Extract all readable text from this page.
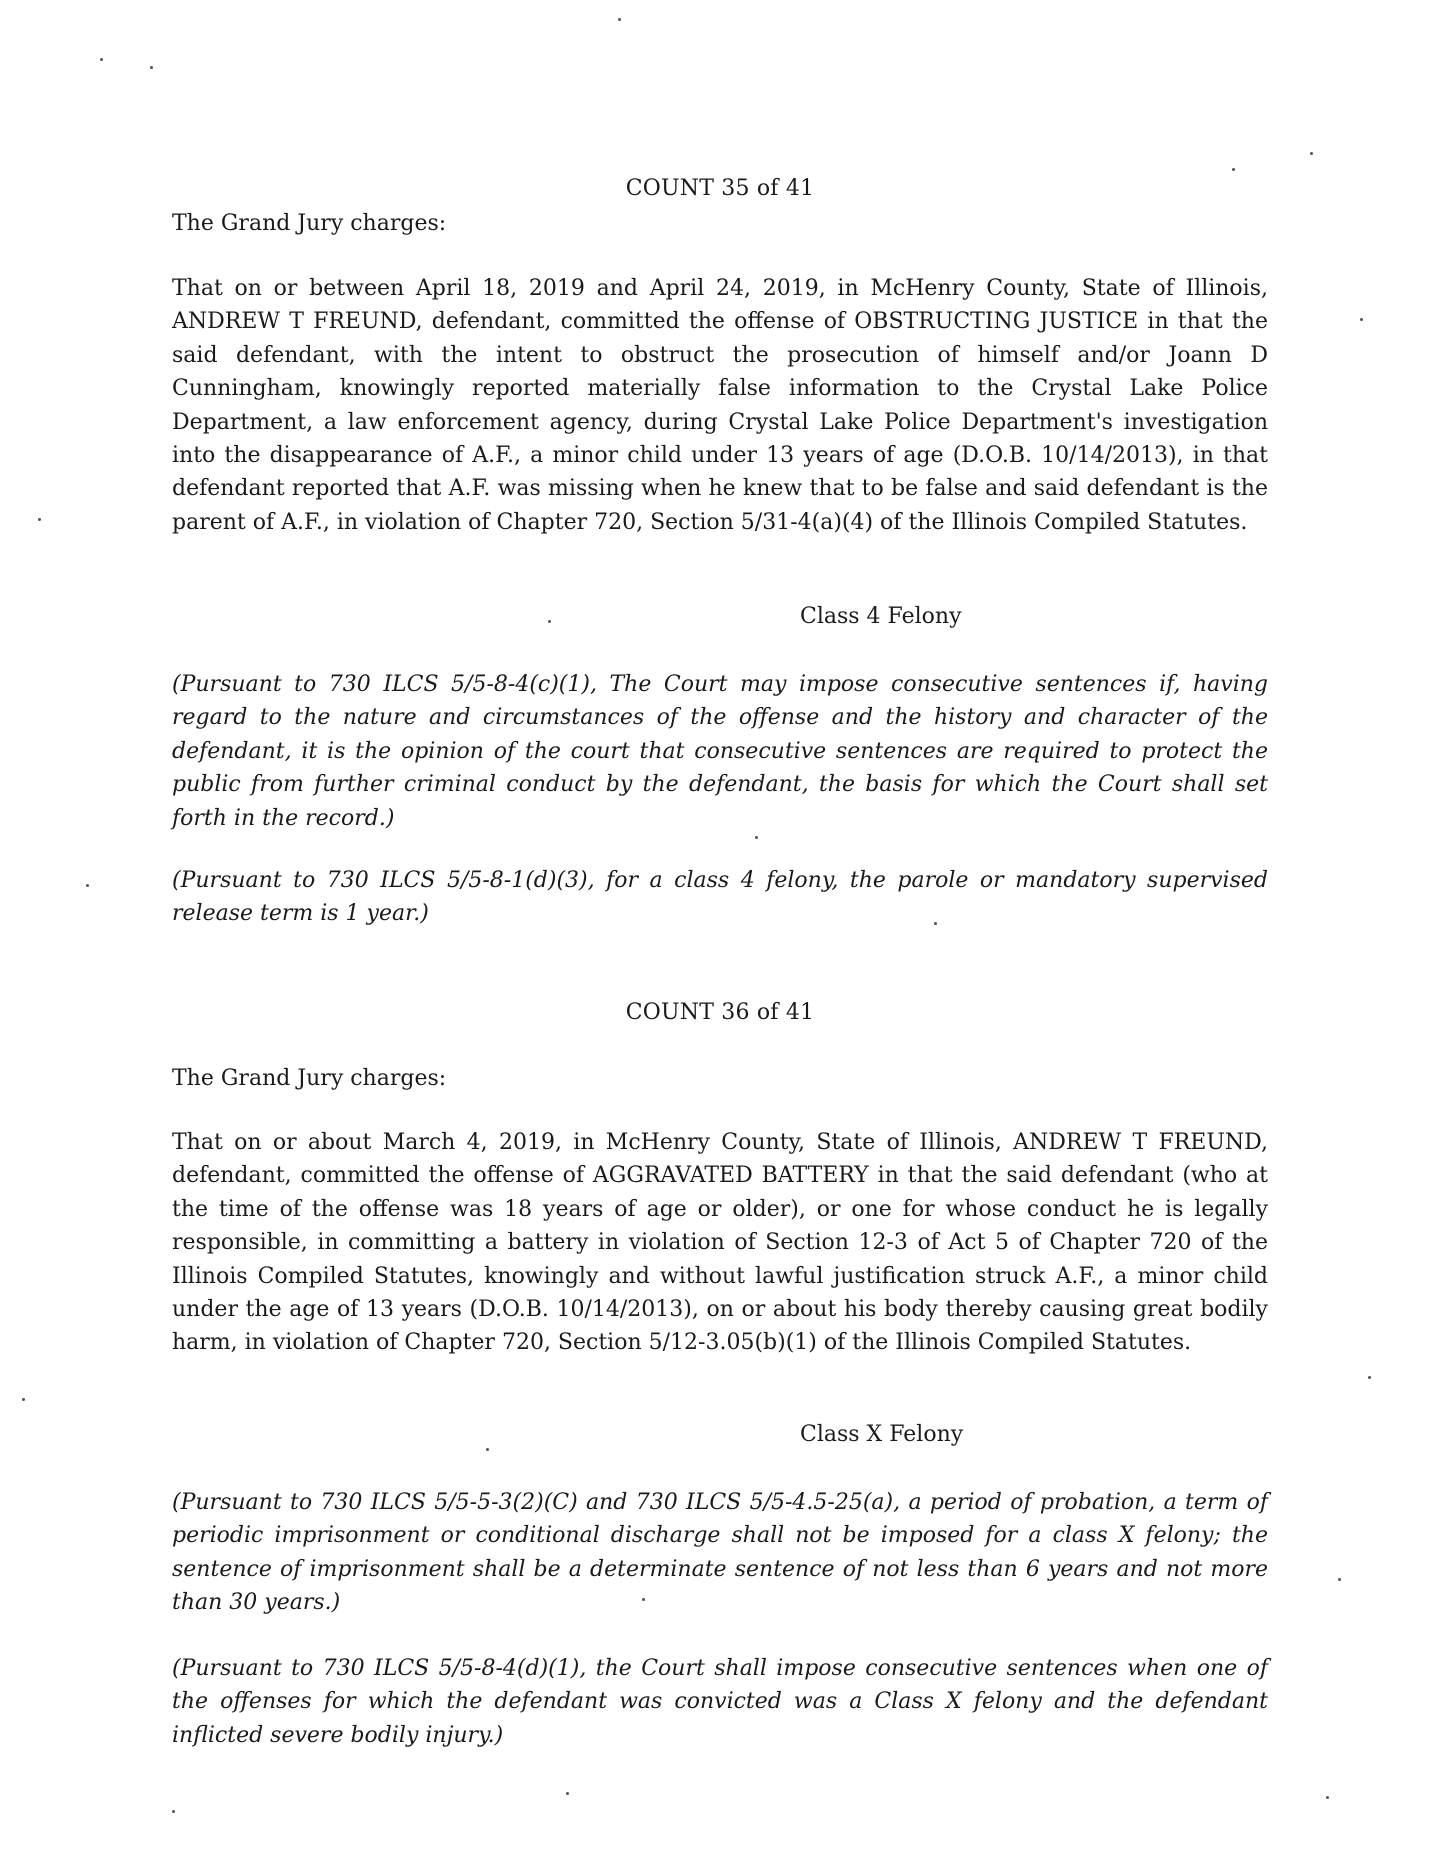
COUNT 35 of 41
The Grand Jury charges:
That on or between April 18, 2019 and April 24, 2019, in McHenry County, State of Illinois, ANDREW T FREUND, defendant, committed the offense of OBSTRUCTING JUSTICE in that the said defendant, with the intent to obstruct the prosecution of himself and/or Joann D Cunningham, knowingly reported materially false information to the Crystal Lake Police Department, a law enforcement agency, during Crystal Lake Police Department's investigation into the disappearance of A.F., a minor child under 13 years of age (D.O.B. 10/14/2013), in that defendant reported that A.F. was missing when he knew that to be false and said defendant is the parent of A.F., in violation of Chapter 720, Section 5/31-4(a)(4) of the Illinois Compiled Statutes.
Class 4 Felony
(Pursuant to 730 ILCS 5/5-8-4(c)(1), The Court may impose consecutive sentences if, having regard to the nature and circumstances of the offense and the history and character of the defendant, it is the opinion of the court that consecutive sentences are required to protect the public from further criminal conduct by the defendant, the basis for which the Court shall set forth in the record.)
(Pursuant to 730 ILCS 5/5-8-1(d)(3), for a class 4 felony, the parole or mandatory supervised release term is 1 year.)
COUNT 36 of 41
The Grand Jury charges:
That on or about March 4, 2019, in McHenry County, State of Illinois, ANDREW T FREUND, defendant, committed the offense of AGGRAVATED BATTERY in that the said defendant (who at the time of the offense was 18 years of age or older), or one for whose conduct he is legally responsible, in committing a battery in violation of Section 12-3 of Act 5 of Chapter 720 of the Illinois Compiled Statutes, knowingly and without lawful justification struck A.F., a minor child under the age of 13 years (D.O.B. 10/14/2013), on or about his body thereby causing great bodily harm, in violation of Chapter 720, Section 5/12-3.05(b)(1) of the Illinois Compiled Statutes.
Class X Felony
(Pursuant to 730 ILCS 5/5-5-3(2)(C) and 730 ILCS 5/5-4.5-25(a), a period of probation, a term of periodic imprisonment or conditional discharge shall not be imposed for a class X felony; the sentence of imprisonment shall be a determinate sentence of not less than 6 years and not more than 30 years.)
(Pursuant to 730 ILCS 5/5-8-4(d)(1), the Court shall impose consecutive sentences when one of the offenses for which the defendant was convicted was a Class X felony and the defendant inflicted severe bodily injury.)
